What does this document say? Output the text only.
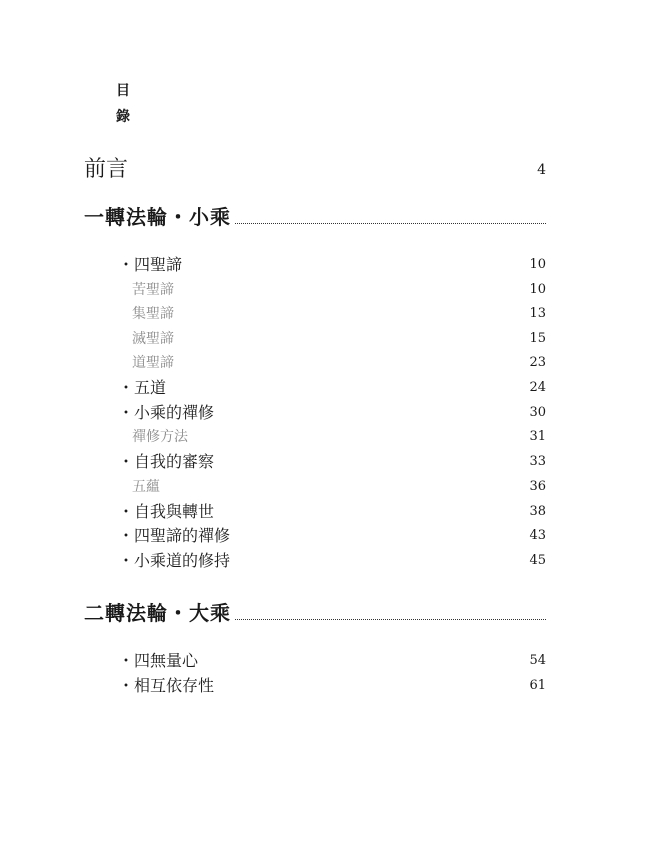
目
錄
前言	4
一轉法輪・小乘
・四聖諦	10
苦聖諦	10
集聖諦	13
滅聖諦	15
道聖諦	23
・五道	24
・小乘的禪修	30
禪修方法	31
・自我的審察	33
五蘊	36
・自我與轉世	38
・四聖諦的禪修	43
・小乘道的修持	45
二轉法輪・大乘
・四無量心	54
・相互依存性	61
